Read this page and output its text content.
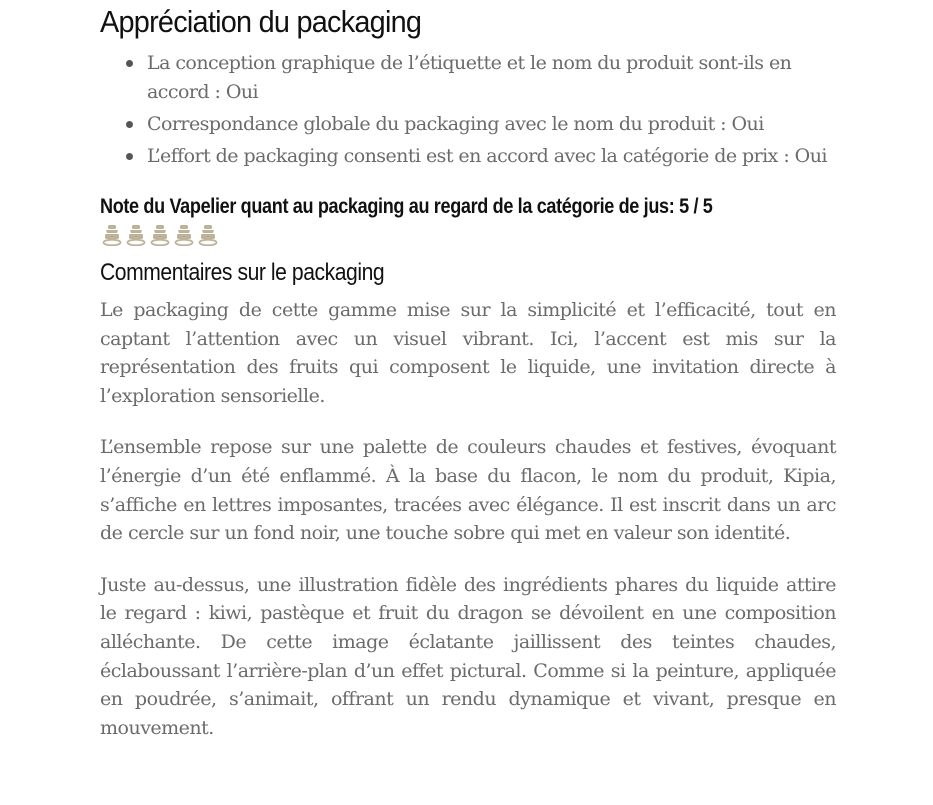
Appréciation du packaging
La conception graphique de l’étiquette et le nom du produit sont-ils en accord : Oui
Correspondance globale du packaging avec le nom du produit : Oui
L’effort de packaging consenti est en accord avec la catégorie de prix : Oui
Note du Vapelier quant au packaging au regard de la catégorie de jus: 5 / 5
Commentaires sur le packaging

Le packaging de cette gamme mise sur la simplicité et l’efficacité, tout en captant l’attention avec un visuel vibrant. Ici, l’accent est mis sur la représentation des fruits qui composent le liquide, une invitation directe à l’exploration sensorielle.

L’ensemble repose sur une palette de couleurs chaudes et festives, évoquant l’énergie d’un été enflammé. À la base du flacon, le nom du produit, Kipia, s’affiche en lettres imposantes, tracées avec élégance. Il est inscrit dans un arc de cercle sur un fond noir, une touche sobre qui met en valeur son identité.

Juste au-dessus, une illustration fidèle des ingrédients phares du liquide attire le regard : kiwi, pastèque et fruit du dragon se dévoilent en une composition alléchante. De cette image éclatante jaillissent des teintes chaudes, éclaboussant l’arrière-plan d’un effet pictural. Comme si la peinture, appliquée en poudrée, s’animait, offrant un rendu dynamique et vivant, presque en mouvement.
